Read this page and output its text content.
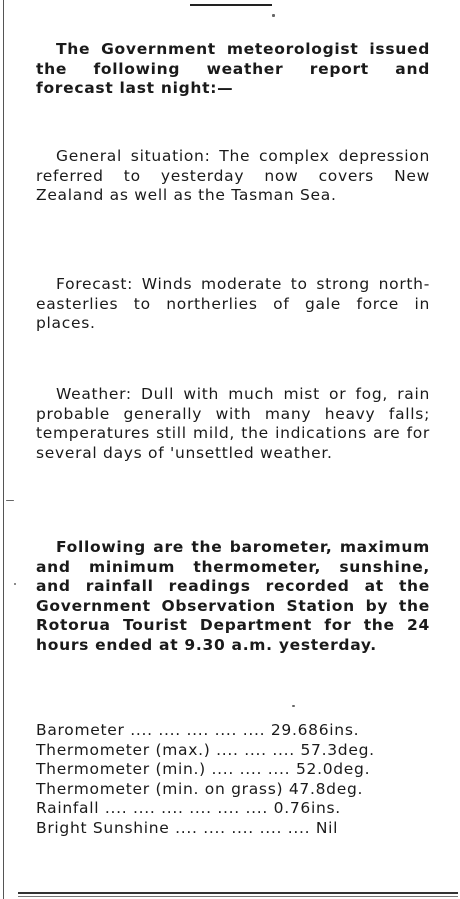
The Government meteorologist issued the following weather report and forecast last night:—

General situation: The complex depression referred to yesterday now covers New Zealand as well as the Tasman Sea.

Forecast: Winds moderate to strong north-easterlies to northerlies of gale force in places.

Weather: Dull with much mist or fog, rain probable generally with many heavy falls; temperatures still mild, the indications are for several days of 'unsettled weather.

Following are the barometer, maximum and minimum thermometer, sunshine, and rainfall readings recorded at the Government Observation Station by the Rotorua Tourist Department for the 24 hours ended at 9.30 a.m. yesterday.

Barometer .... .... .... .... .... 29.686ins.
Thermometer (max.) .... .... .... 57.3deg.
Thermometer (min.) .... .... .... 52.0deg.
Thermometer (min. on grass) 47.8deg.
Rainfall .... .... .... .... .... .... 0.76ins.
Bright Sunshine .... .... .... .... .... Nil
